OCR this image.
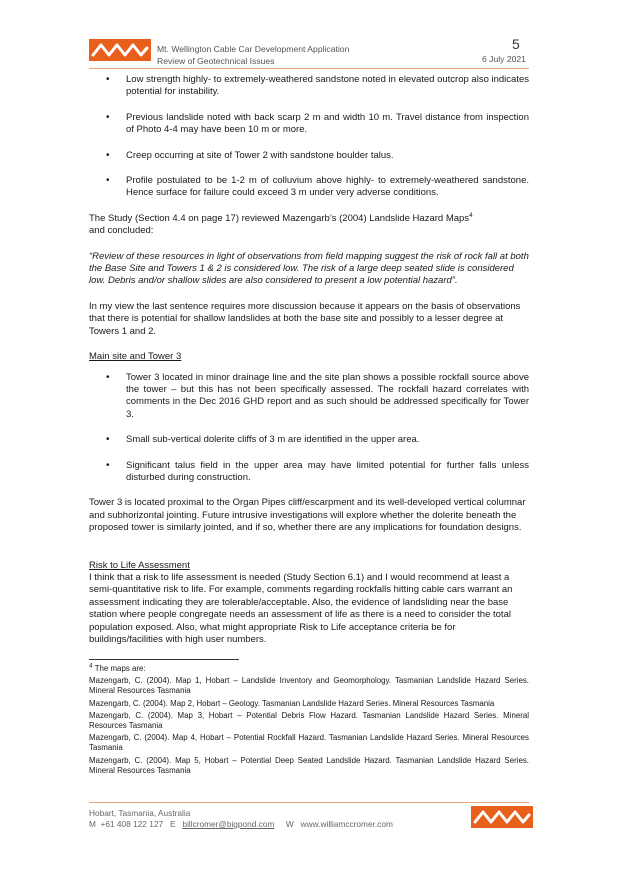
Mt. Wellington Cable Car Development Application
Review of Geotechnical Issues
5
6 July 2021
• Low strength highly- to extremely-weathered sandstone noted in elevated outcrop also indicates potential for instability.
• Previous landslide noted with back scarp 2 m and width 10 m. Travel distance from inspection of Photo 4-4 may have been 10 m or more.
• Creep occurring at site of Tower 2 with sandstone boulder talus.
• Profile postulated to be 1-2 m of colluvium above highly- to extremely-weathered sandstone. Hence surface for failure could exceed 3 m under very adverse conditions.

The Study (Section 4.4 on page 17) reviewed Mazengarb’s (2004) Landslide Hazard Maps$^4$
and concluded:

“Review of these resources in light of observations from field mapping suggest the risk of rock fall at both the Base Site and Towers 1 & 2 is considered low. The risk of a large deep seated slide is considered low. Debris and/or shallow slides are also considered to present a low potential hazard”.

In my view the last sentence requires more discussion because it appears on the basis of observations that there is potential for shallow landslides at both the base site and possibly to a lesser degree at Towers 1 and 2.

Main site and Tower 3

• Tower 3 located in minor drainage line and the site plan shows a possible rockfall source above the tower – but this has not been specifically assessed. The rockfall hazard correlates with comments in the Dec 2016 GHD report and as such should be addressed specifically for Tower 3.
• Small sub-vertical dolerite cliffs of 3 m are identified in the upper area.
• Significant talus field in the upper area may have limited potential for further falls unless disturbed during construction.

Tower 3 is located proximal to the Organ Pipes cliff/escarpment and its well-developed vertical columnar and subhorizontal jointing. Future intrusive investigations will explore whether the dolerite beneath the proposed tower is similarly jointed, and if so, whether there are any implications for foundation designs.

Risk to Life Assessment

I think that a risk to life assessment is needed (Study Section 6.1) and I would recommend at least a semi-quantitative risk to life. For example, comments regarding rockfalls hitting cable cars warrant an assessment indicating they are tolerable/acceptable. Also, the evidence of landsliding near the base station where people congregate needs an assessment of life as there is a need to consider the total population exposed. Also, what might appropriate Risk to Life acceptance criteria be for buildings/facilities with high user numbers.

$^4$ The maps are:

Mazengarb, C. (2004). Map 1, Hobart – Landslide Inventory and Geomorphology. Tasmanian Landslide Hazard Series. Mineral Resources Tasmania

Mazengarb, C. (2004). Map 2, Hobart – Geology. Tasmanian Landslide Hazard Series. Mineral Resources Tasmania

Mazengarb, C. (2004). Map 3, Hobart – Potential Debris Flow Hazard. Tasmanian Landslide Hazard Series. Mineral Resources Tasmania

Mazengarb, C. (2004). Map 4, Hobart – Potential Rockfall Hazard. Tasmanian Landslide Hazard Series. Mineral Resources Tasmania

Mazengarb, C. (2004). Map 5, Hobart – Potential Deep Seated Landslide Hazard. Tasmanian Landslide Hazard Series. Mineral Resources Tasmania

Hobart, Tasmania, Australia
M +61 408 122 127 E billcromer@bigpond.com W www.williamccromer.com
